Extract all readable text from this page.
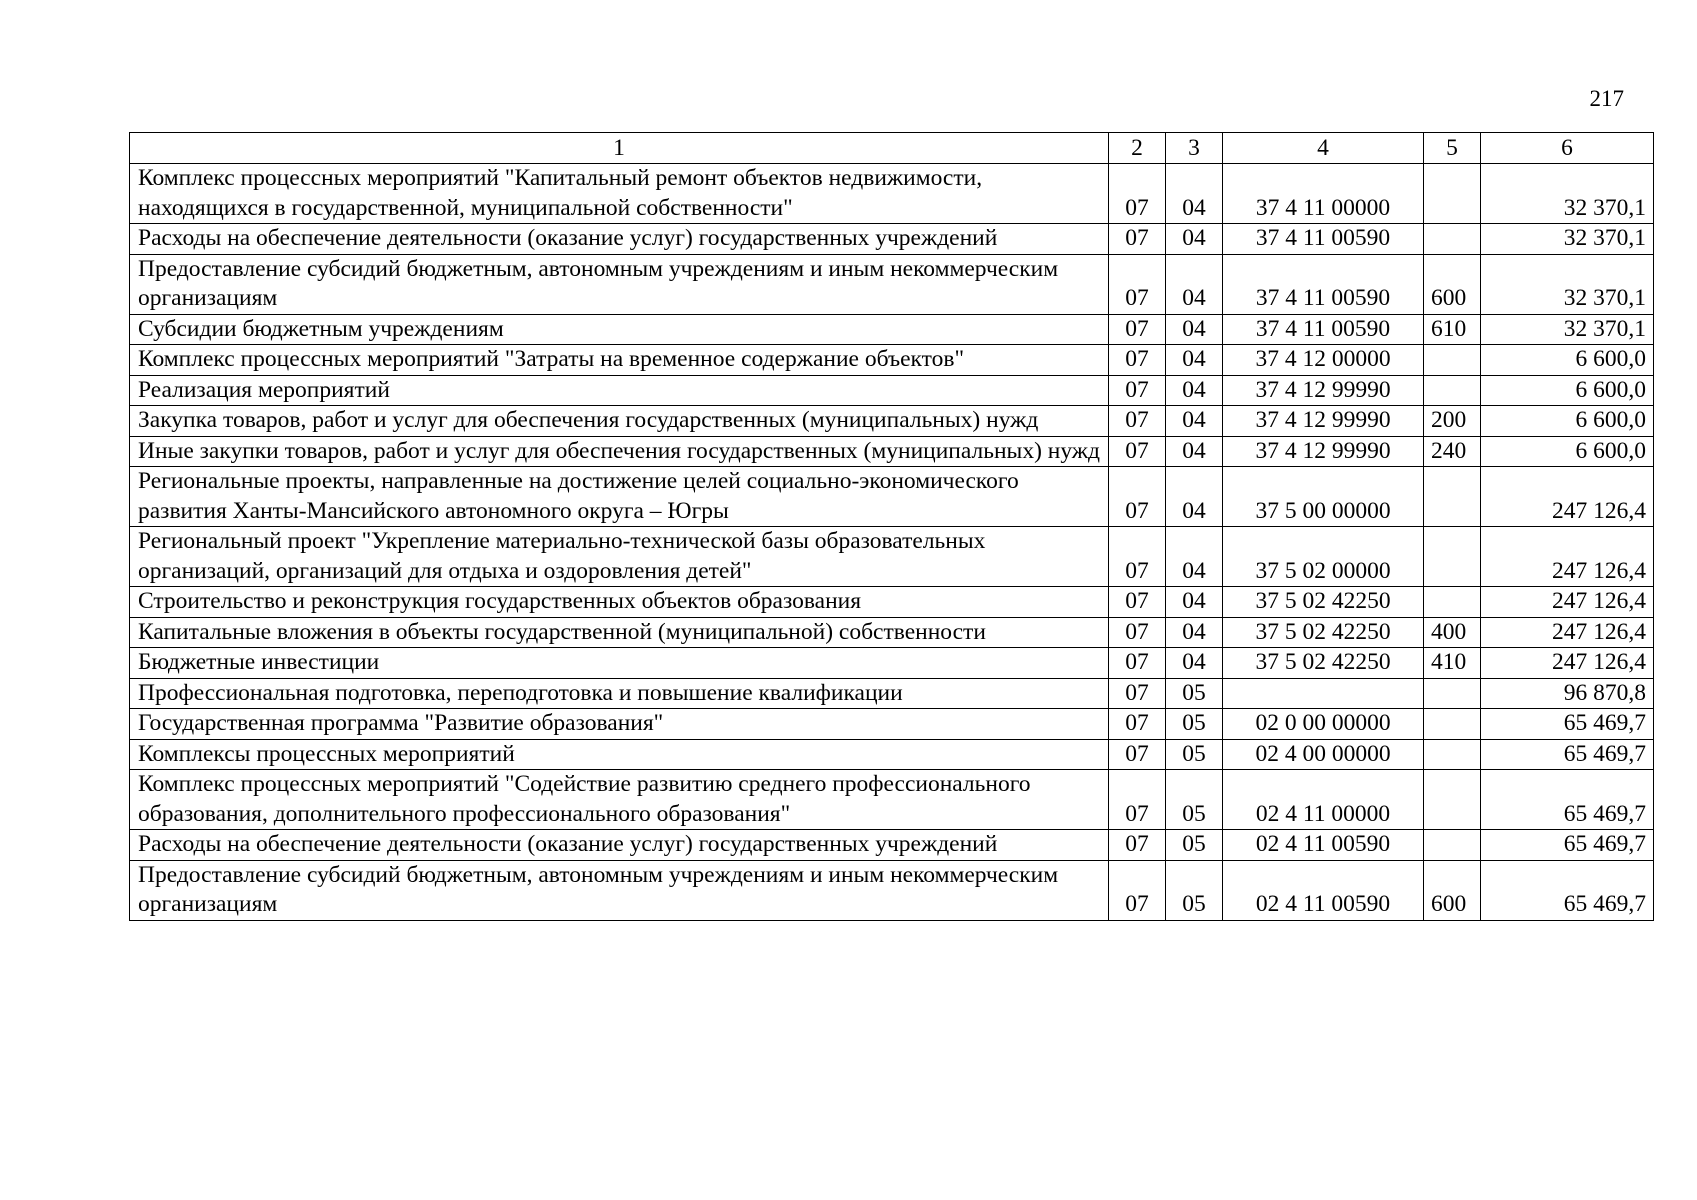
217
1	2	3	4	5	6
Комплекс процессных мероприятий "Капитальный ремонт объектов недвижимости, находящихся в государственной, муниципальной собственности"	07	04	37 4 11 00000		32 370,1
Расходы на обеспечение деятельности (оказание услуг) государственных учреждений	07	04	37 4 11 00590		32 370,1
Предоставление субсидий бюджетным, автономным учреждениям и иным некоммерческим организациям	07	04	37 4 11 00590	600	32 370,1
Субсидии бюджетным учреждениям	07	04	37 4 11 00590	610	32 370,1
Комплекс процессных мероприятий "Затраты на временное содержание объектов"	07	04	37 4 12 00000		6 600,0
Реализация мероприятий	07	04	37 4 12 99990		6 600,0
Закупка товаров, работ и услуг для обеспечения государственных (муниципальных) нужд	07	04	37 4 12 99990	200	6 600,0
Иные закупки товаров, работ и услуг для обеспечения государственных (муниципальных) нужд	07	04	37 4 12 99990	240	6 600,0
Региональные проекты, направленные на достижение целей социально-экономического развития Ханты-Мансийского автономного округа – Югры	07	04	37 5 00 00000		247 126,4
Региональный проект "Укрепление материально-технической базы образовательных организаций, организаций для отдыха и оздоровления детей"	07	04	37 5 02 00000		247 126,4
Строительство и реконструкция государственных объектов образования	07	04	37 5 02 42250		247 126,4
Капитальные вложения в объекты государственной (муниципальной) собственности	07	04	37 5 02 42250	400	247 126,4
Бюджетные инвестиции	07	04	37 5 02 42250	410	247 126,4
Профессиональная подготовка, переподготовка и повышение квалификации	07	05			96 870,8
Государственная программа "Развитие образования"	07	05	02 0 00 00000		65 469,7
Комплексы процессных мероприятий	07	05	02 4 00 00000		65 469,7
Комплекс процессных мероприятий "Содействие развитию среднего профессионального образования, дополнительного профессионального образования"	07	05	02 4 11 00000		65 469,7
Расходы на обеспечение деятельности (оказание услуг) государственных учреждений	07	05	02 4 11 00590		65 469,7
Предоставление субсидий бюджетным, автономным учреждениям и иным некоммерческим организациям	07	05	02 4 11 00590	600	65 469,7
